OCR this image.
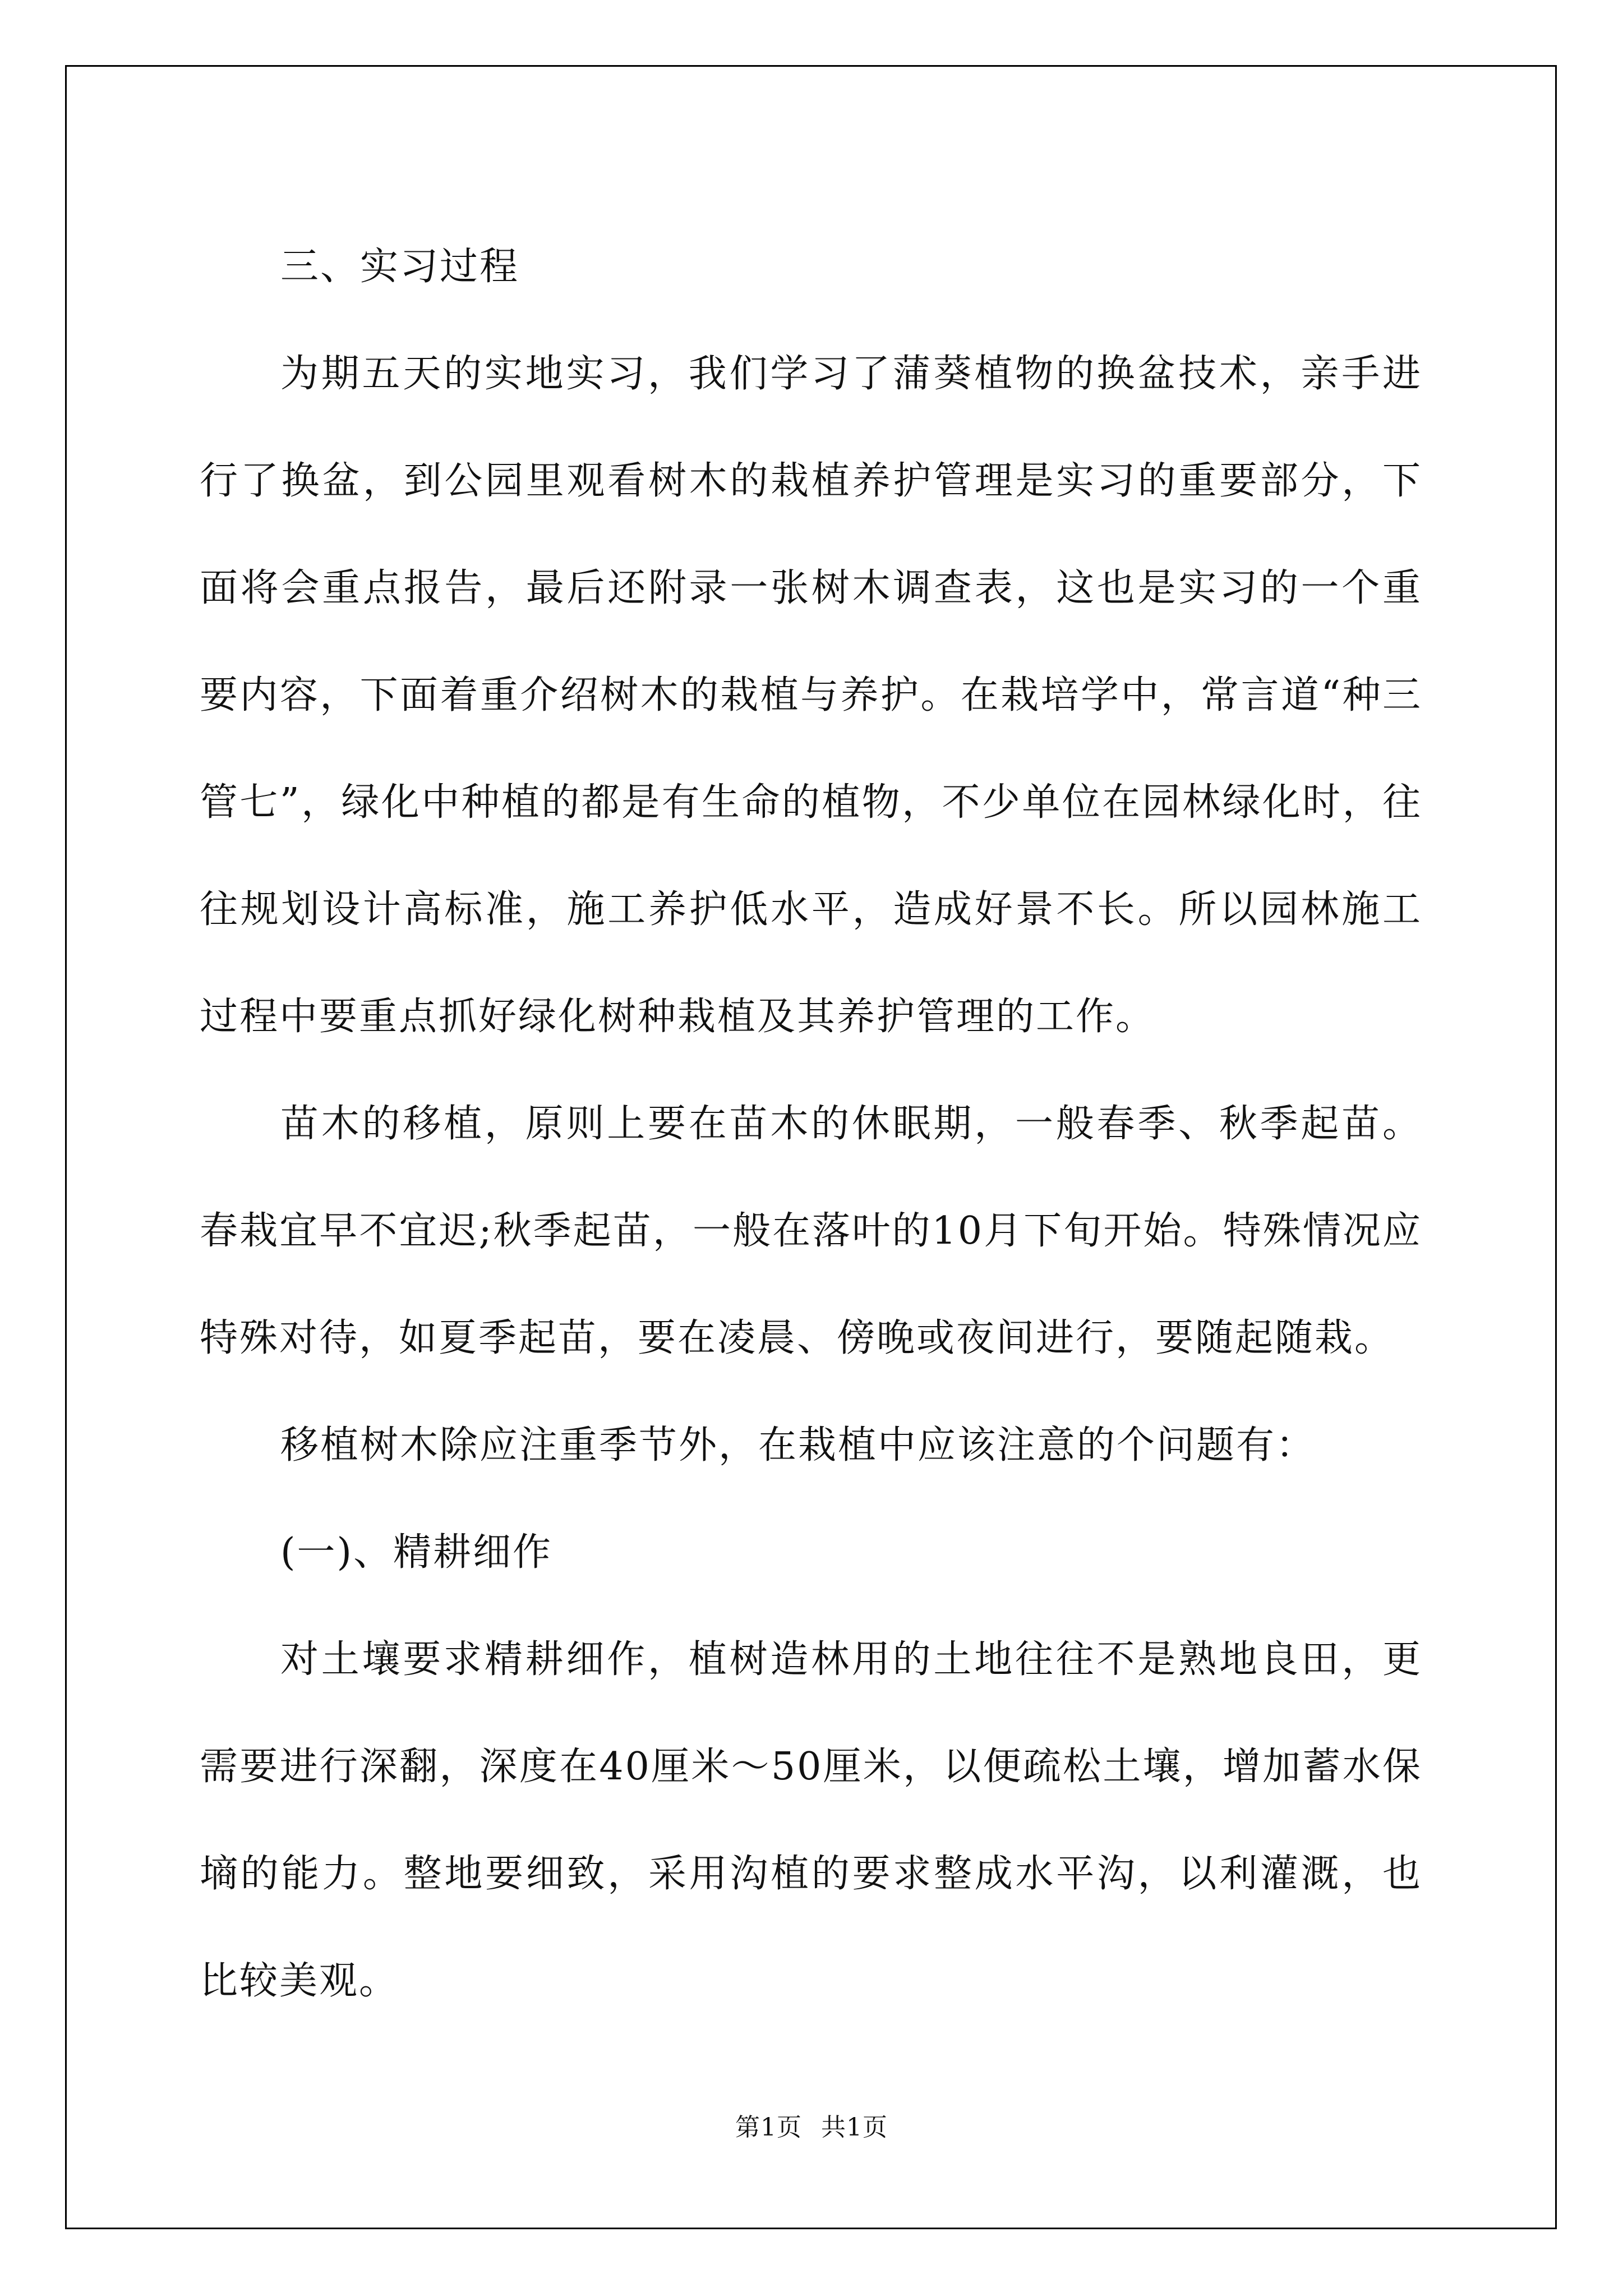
三、实习过程

为期五天的实地实习，我们学习了蒲葵植物的换盆技术，亲手进行了换盆，到公园里观看树木的栽植养护管理是实习的重要部分，下面将会重点报告，最后还附录一张树木调查表，这也是实习的一个重要内容，下面着重介绍树木的栽植与养护。在栽培学中，常言道“种三管七”，绿化中种植的都是有生命的植物，不少单位在园林绿化时，往往规划设计高标准，施工养护低水平，造成好景不长。所以园林施工过程中要重点抓好绿化树种栽植及其养护管理的工作。

苗木的移植，原则上要在苗木的休眠期，一般春季、秋季起苗。春栽宜早不宜迟;秋季起苗，一般在落叶的10月下旬开始。特殊情况应特殊对待，如夏季起苗，要在凌晨、傍晚或夜间进行，要随起随栽。

移植树木除应注重季节外，在栽植中应该注意的个问题有：

(一)、精耕细作

对土壤要求精耕细作，植树造林用的土地往往不是熟地良田，更需要进行深翻，深度在40厘米～50厘米，以便疏松土壤，增加蓄水保墒的能力。整地要细致，采用沟植的要求整成水平沟，以利灌溉，也比较美观。

第1页 共1页
